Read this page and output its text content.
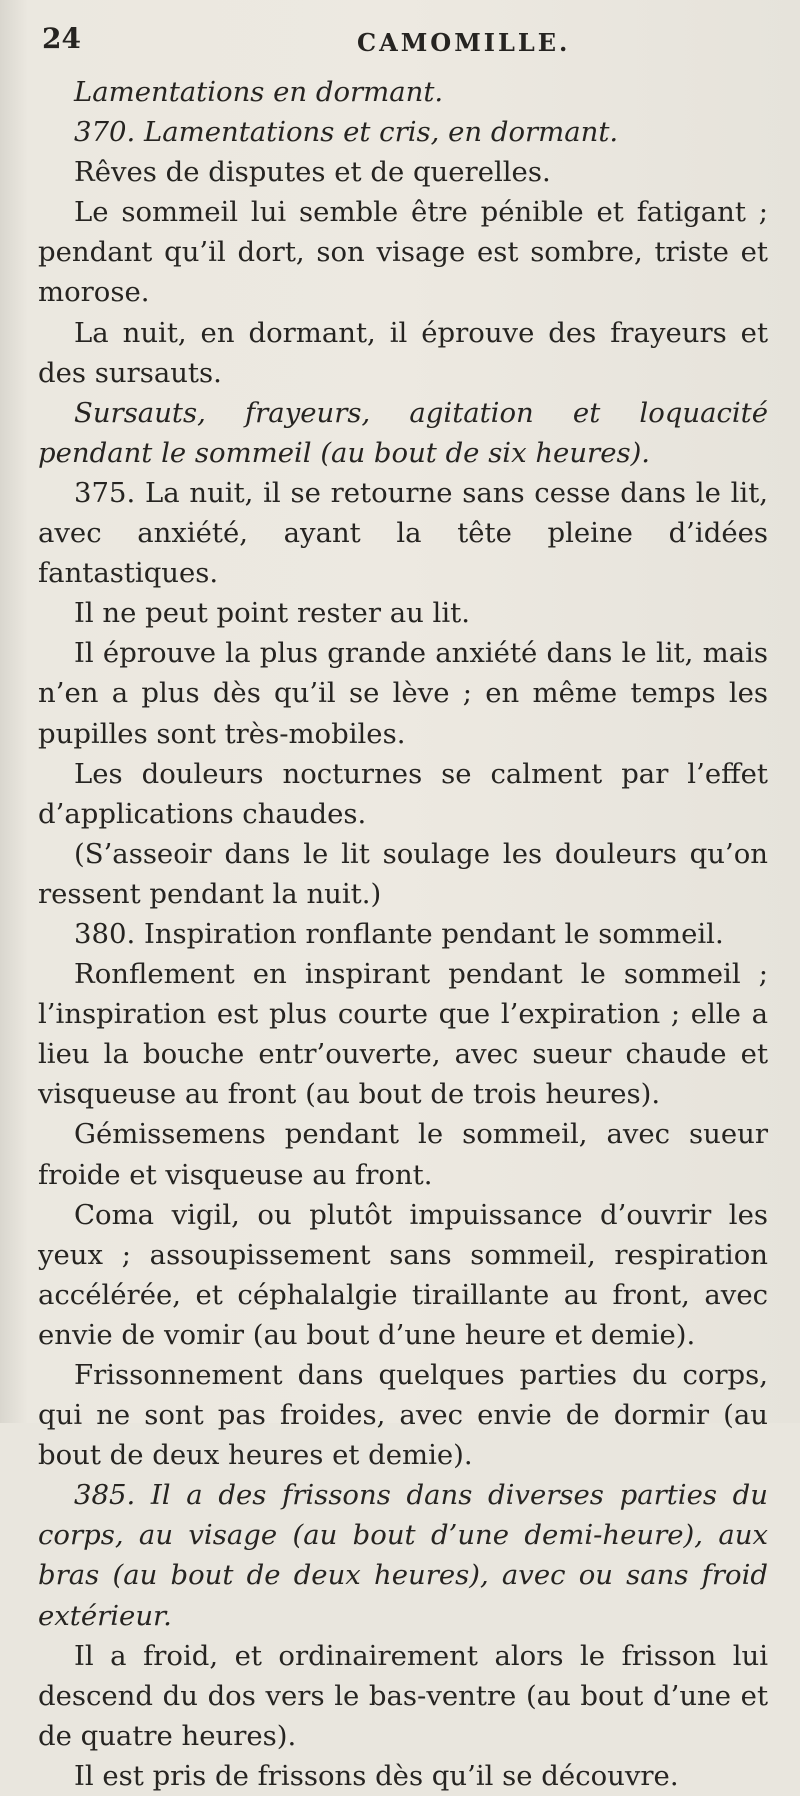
24	CAMOMILLE.

Lamentations en dormant.

370. Lamentations et cris, en dormant.

Rêves de disputes et de querelles.

Le sommeil lui semble être pénible et fatigant ; pendant qu’il dort, son visage est sombre, triste et morose.

La nuit, en dormant, il éprouve des frayeurs et des sursauts.

Sursauts, frayeurs, agitation et loquacité pendant le sommeil (au bout de six heures).

375. La nuit, il se retourne sans cesse dans le lit, avec anxiété, ayant la tête pleine d’idées fantastiques.

Il ne peut point rester au lit.

Il éprouve la plus grande anxiété dans le lit, mais n’en a plus dès qu’il se lève ; en même temps les pupilles sont très-mobiles.

Les douleurs nocturnes se calment par l’effet d’applications chaudes.

(S’asseoir dans le lit soulage les douleurs qu’on ressent pendant la nuit.)

380. Inspiration ronflante pendant le sommeil.

Ronflement en inspirant pendant le sommeil ; l’inspiration est plus courte que l’expiration ; elle a lieu la bouche entr’ouverte, avec sueur chaude et visqueuse au front (au bout de trois heures).

Gémissemens pendant le sommeil, avec sueur froide et visqueuse au front.

Coma vigil, ou plutôt impuissance d’ouvrir les yeux ; assoupissement sans sommeil, respiration accélérée, et céphalalgie tiraillante au front, avec envie de vomir (au bout d’une heure et demie).

Frissonnement dans quelques parties du corps, qui ne sont pas froides, avec envie de dormir (au bout de deux heures et demie).

385. Il a des frissons dans diverses parties du corps, au visage (au bout d’une demi-heure), aux bras (au bout de deux heures), avec ou sans froid extérieur.

Il a froid, et ordinairement alors le frisson lui descend du dos vers le bas-ventre (au bout d’une et de quatre heures).

Il est pris de frissons dès qu’il se découvre.
